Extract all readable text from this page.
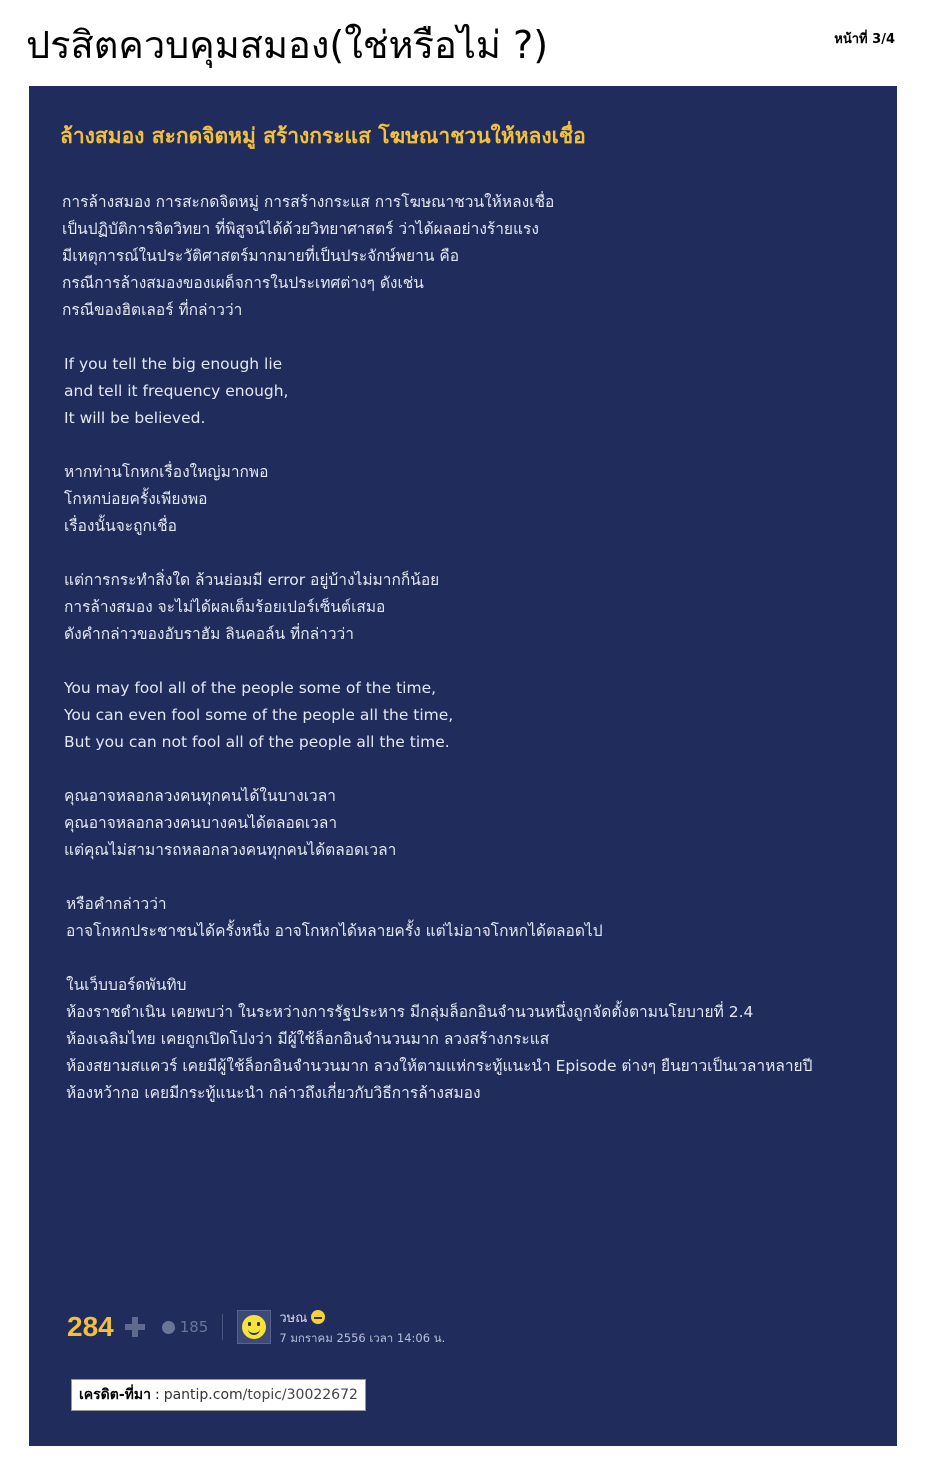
ปรสิตควบคุมสมอง(ใช่หรือไม่ ?)	หน้าที่ 3/4
ล้างสมอง สะกดจิตหมู่ สร้างกระแส โฆษณาชวนให้หลงเชื่อ
การล้างสมอง การสะกดจิตหมู่ การสร้างกระแส การโฆษณาชวนให้หลงเชื่อ
เป็นปฏิบัติการจิตวิทยา ที่พิสูจน์ได้ด้วยวิทยาศาสตร์ ว่าได้ผลอย่างร้ายแรง
มีเหตุการณ์ในประวัติศาสตร์มากมายที่เป็นประจักษ์พยาน คือ
กรณีการล้างสมองของเผด็จการในประเทศต่างๆ ดังเช่น
กรณีของฮิตเลอร์ ที่กล่าวว่า
If you tell the big enough lie
and tell it frequency enough,
It will be believed.
หากท่านโกหกเรื่องใหญ่มากพอ
โกหกบ่อยครั้งเพียงพอ
เรื่องนั้นจะถูกเชื่อ
แต่การกระทำสิ่งใด ล้วนย่อมมี error อยู่บ้างไม่มากก็น้อย
การล้างสมอง จะไม่ได้ผลเต็มร้อยเปอร์เซ็นต์เสมอ
ดังคำกล่าวของอับราฮัม ลินคอล์น ที่กล่าวว่า
You may fool all of the people some of the time,
You can even fool some of the people all the time,
But you can not fool all of the people all the time.
คุณอาจหลอกลวงคนทุกคนได้ในบางเวลา
คุณอาจหลอกลวงคนบางคนได้ตลอดเวลา
แต่คุณไม่สามารถหลอกลวงคนทุกคนได้ตลอดเวลา
หรือคำกล่าวว่า
อาจโกหกประชาชนได้ครั้งหนึ่ง อาจโกหกได้หลายครั้ง แต่ไม่อาจโกหกได้ตลอดไป
ในเว็บบอร์ดพันทิบ
ห้องราชดำเนิน เคยพบว่า ในระหว่างการรัฐประหาร มีกลุ่มล็อกอินจำนวนหนึ่งถูกจัดตั้งตามนโยบายที่ 2.4
ห้องเฉลิมไทย เคยถูกเปิดโปงว่า มีผู้ใช้ล็อกอินจำนวนมาก ลวงสร้างกระแส
ห้องสยามสแควร์ เคยมีผู้ใช้ล็อกอินจำนวนมาก ลวงให้ตามแห่กระทู้แนะนำ Episode ต่างๆ ยืนยาวเป็นเวลาหลายปี
ห้องหว้ากอ เคยมีกระทู้แนะนำ กล่าวถึงเกี่ยวกับวิธีการล้างสมอง
284	185	วษณ
7 มกราคม 2556 เวลา 14:06 น.
เครดิต-ที่มา : pantip.com /topic/30022672
